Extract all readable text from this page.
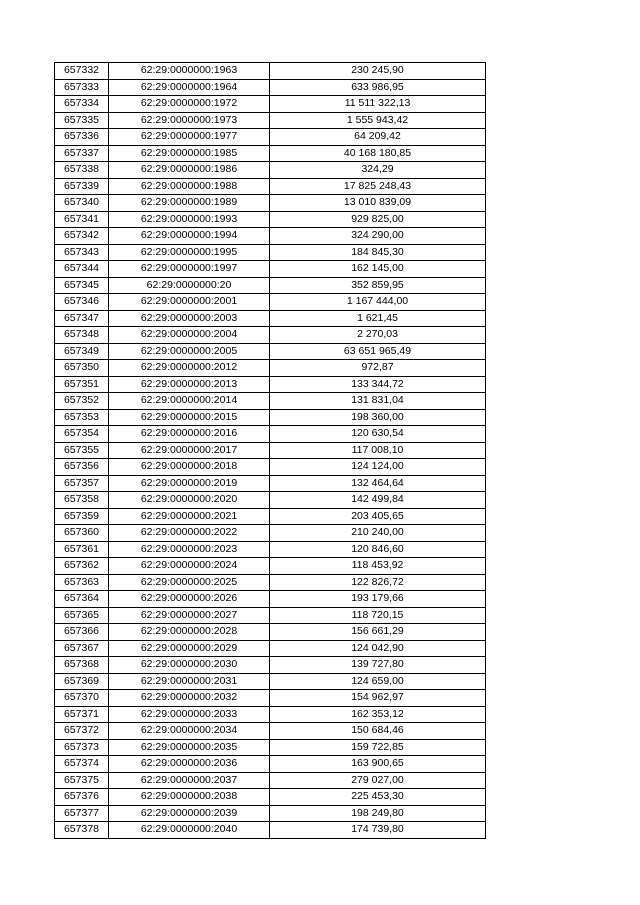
657332	62:29:0000000:1963	230 245,90
657333	62:29:0000000:1964	633 986,95
657334	62:29:0000000:1972	11 511 322,13
657335	62:29:0000000:1973	1 555 943,42
657336	62:29:0000000:1977	64 209,42
657337	62:29:0000000:1985	40 168 180,85
657338	62:29:0000000:1986	324,29
657339	62:29:0000000:1988	17 825 248,43
657340	62:29:0000000:1989	13 010 839,09
657341	62:29:0000000:1993	929 825,00
657342	62:29:0000000:1994	324 290,00
657343	62:29:0000000:1995	184 845,30
657344	62:29:0000000:1997	162 145,00
657345	62:29:0000000:20	352 859,95
657346	62:29:0000000:2001	1 167 444,00
657347	62:29:0000000:2003	1 621,45
657348	62:29:0000000:2004	2 270,03
657349	62:29:0000000:2005	63 651 965,49
657350	62:29:0000000:2012	972,87
657351	62:29:0000000:2013	133 344,72
657352	62:29:0000000:2014	131 831,04
657353	62:29:0000000:2015	198 360,00
657354	62:29:0000000:2016	120 630,54
657355	62:29:0000000:2017	117 008,10
657356	62:29:0000000:2018	124 124,00
657357	62:29:0000000:2019	132 464,64
657358	62:29:0000000:2020	142 499,84
657359	62:29:0000000:2021	203 405,65
657360	62:29:0000000:2022	210 240,00
657361	62:29:0000000:2023	120 846,60
657362	62:29:0000000:2024	118 453,92
657363	62:29:0000000:2025	122 826,72
657364	62:29:0000000:2026	193 179,66
657365	62:29:0000000:2027	118 720,15
657366	62:29:0000000:2028	156 661,29
657367	62:29:0000000:2029	124 042,90
657368	62:29:0000000:2030	139 727,80
657369	62:29:0000000:2031	124 659,00
657370	62:29:0000000:2032	154 962,97
657371	62:29:0000000:2033	162 353,12
657372	62:29:0000000:2034	150 684,46
657373	62:29:0000000:2035	159 722,85
657374	62:29:0000000:2036	163 900,65
657375	62:29:0000000:2037	279 027,00
657376	62:29:0000000:2038	225 453,30
657377	62:29:0000000:2039	198 249,80
657378	62:29:0000000:2040	174 739,80
